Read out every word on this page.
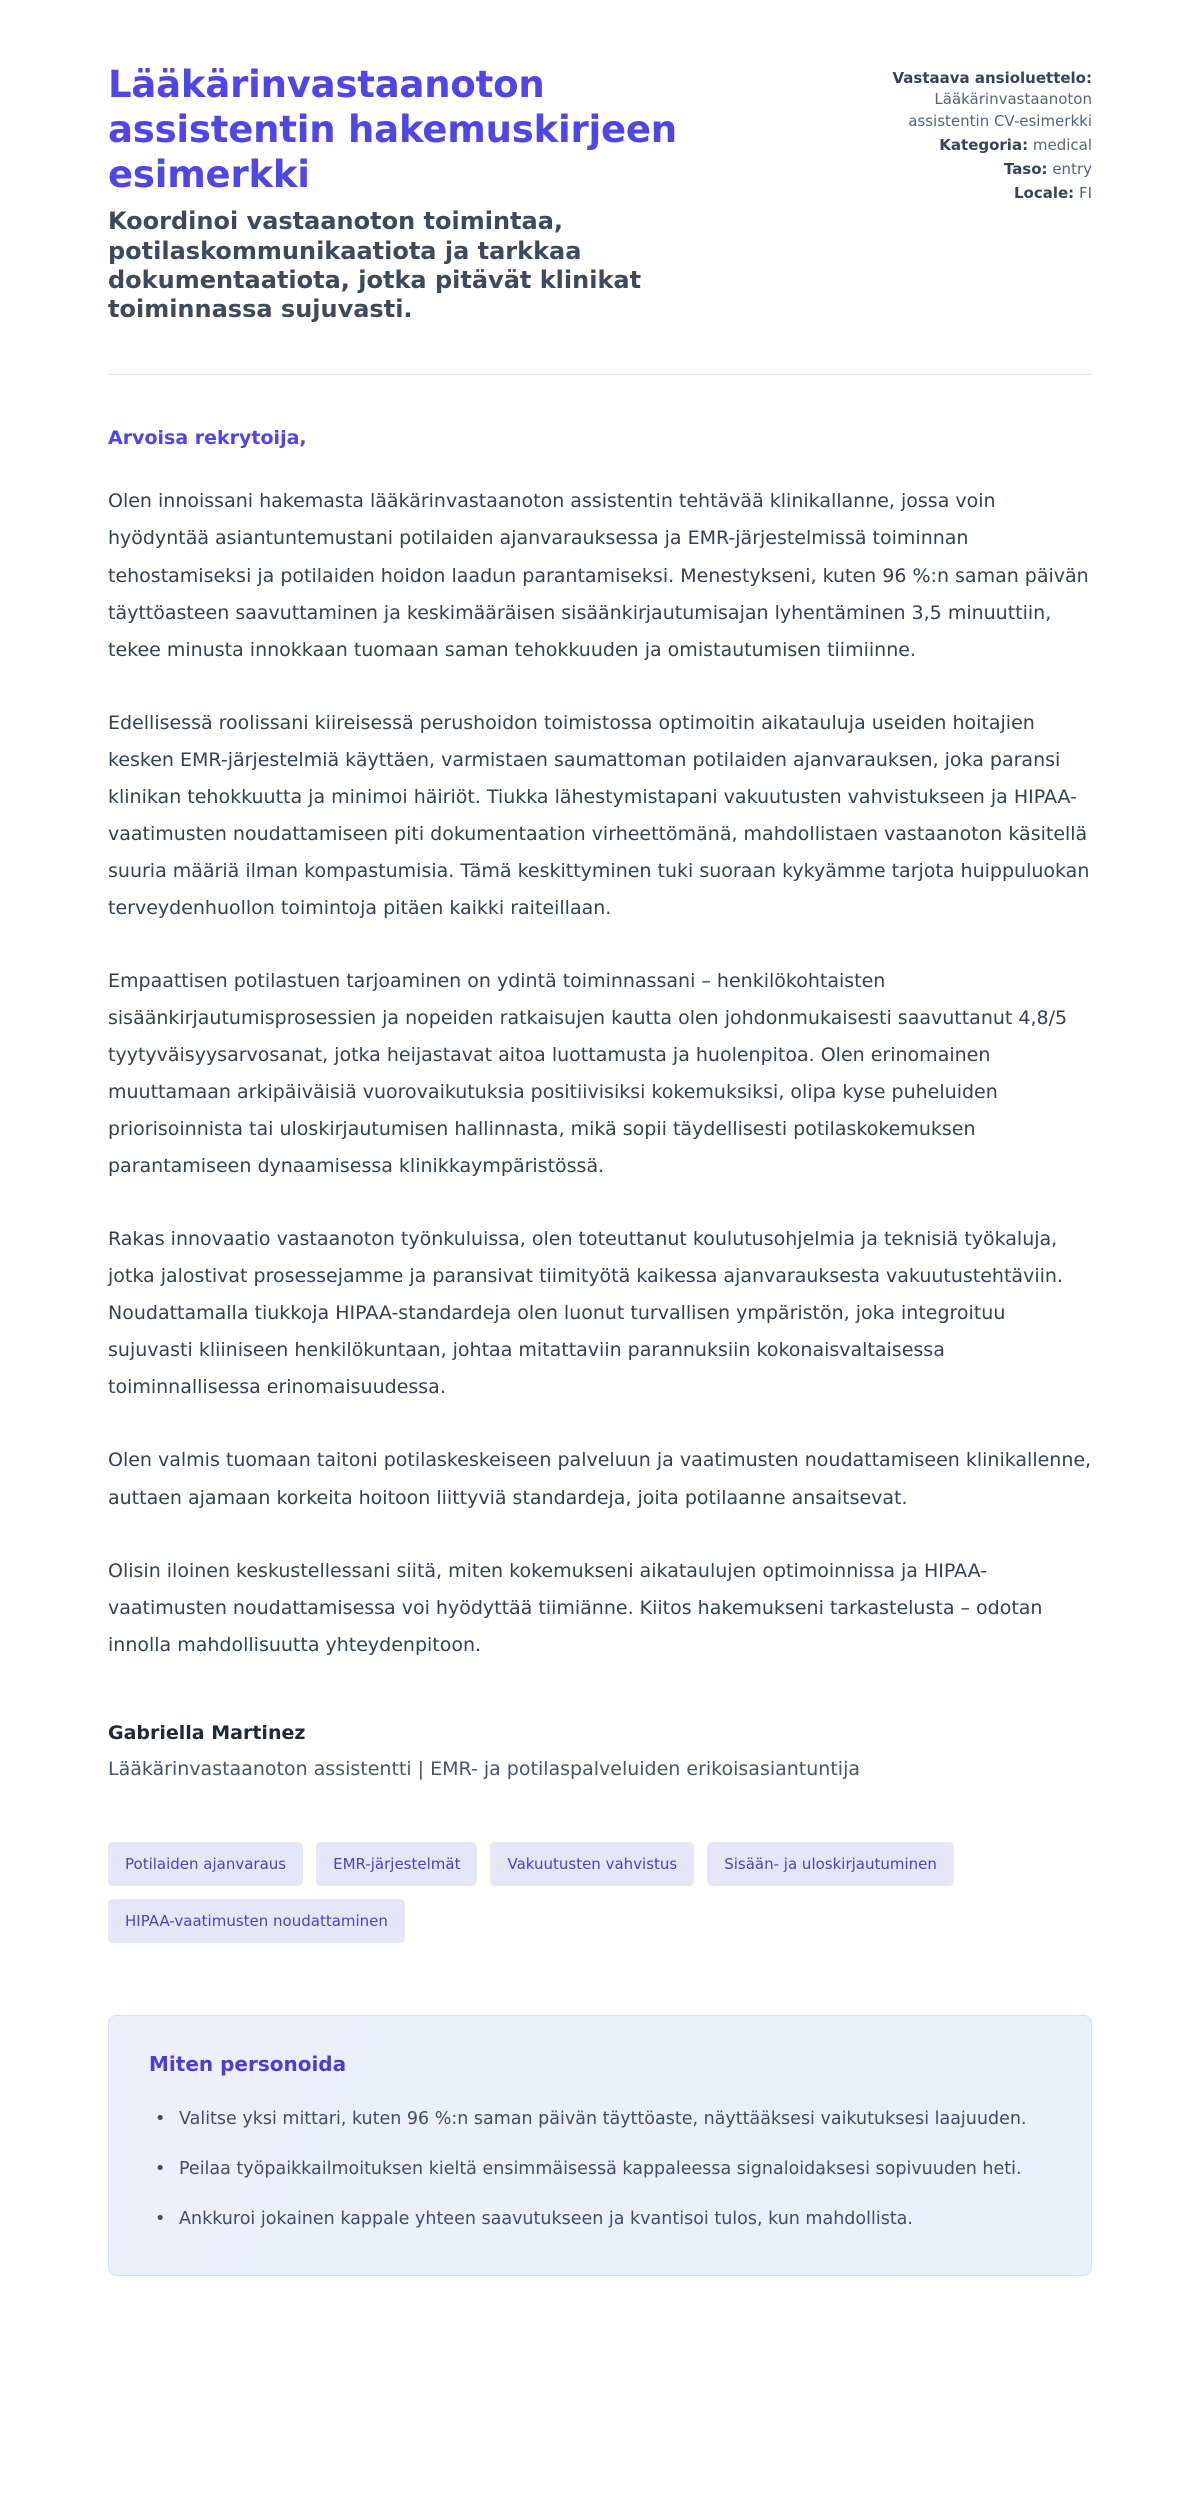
Lääkärinvastaanoton assistentin hakemuskirjeen esimerkki

Koordinoi vastaanoton toimintaa, potilaskommunikaatiota ja tarkkaa dokumentaatiota, jotka pitävät klinikat toiminnassa sujuvasti.

Vastaava ansioluettelo:
Lääkärinvastaanoton assistentin CV-esimerkki
Kategoria: medical
Taso: entry
Locale: FI

Arvoisa rekrytoija,

Olen innoissani hakemasta lääkärinvastaanoton assistentin tehtävää klinikallanne, jossa voin hyödyntää asiantuntemustani potilaiden ajanvarauksessa ja EMR-järjestelmissä toiminnan tehostamiseksi ja potilaiden hoidon laadun parantamiseksi. Menestykseni, kuten 96 %:n saman päivän täyttöasteen saavuttaminen ja keskimääräisen sisäänkirjautumisajan lyhentäminen 3,5 minuuttiin, tekee minusta innokkaan tuomaan saman tehokkuuden ja omistautumisen tiimiinne.

Edellisessä roolissani kiireisessä perushoidon toimistossa optimoitin aikatauluja useiden hoitajien kesken EMR-järjestelmiä käyttäen, varmistaen saumattoman potilaiden ajanvarauksen, joka paransi klinikan tehokkuutta ja minimoi häiriöt. Tiukka lähestymistapani vakuutusten vahvistukseen ja HIPAA-vaatimusten noudattamiseen piti dokumentaation virheettömänä, mahdollistaen vastaanoton käsitellä suuria määriä ilman kompastumisia. Tämä keskittyminen tuki suoraan kykyämme tarjota huippuluokan terveydenhuollon toimintoja pitäen kaikki raiteillaan.

Empaattisen potilastuen tarjoaminen on ydintä toiminnassani – henkilökohtaisten sisäänkirjautumisprosessien ja nopeiden ratkaisujen kautta olen johdonmukaisesti saavuttanut 4,8/5 tyytyväisyysarvosanat, jotka heijastavat aitoa luottamusta ja huolenpitoa. Olen erinomainen muuttamaan arkipäiväisiä vuorovaikutuksia positiivisiksi kokemuksiksi, olipa kyse puheluiden priorisoinnista tai uloskirjautumisen hallinnasta, mikä sopii täydellisesti potilaskokemuksen parantamiseen dynaamisessa klinikkaympäristössä.

Rakas innovaatio vastaanoton työnkuluissa, olen toteuttanut koulutusohjelmia ja teknisiä työkaluja, jotka jalostivat prosessejamme ja paransivat tiimityötä kaikessa ajanvarauksesta vakuutustehtäviin. Noudattamalla tiukkoja HIPAA-standardeja olen luonut turvallisen ympäristön, joka integroituu sujuvasti kliiniseen henkilökuntaan, johtaa mitattaviin parannuksiin kokonaisvaltaisessa toiminnallisessa erinomaisuudessa.

Olen valmis tuomaan taitoni potilaskeskeiseen palveluun ja vaatimusten noudattamiseen klinikallenne, auttaen ajamaan korkeita hoitoon liittyviä standardeja, joita potilaanne ansaitsevat.

Olisin iloinen keskustellessani siitä, miten kokemukseni aikataulujen optimoinnissa ja HIPAA-vaatimusten noudattamisessa voi hyödyttää tiimiänne. Kiitos hakemukseni tarkastelusta – odotan innolla mahdollisuutta yhteydenpitoon.

Gabriella Martinez
Lääkärinvastaanoton assistentti | EMR- ja potilaspalveluiden erikoisasiantuntija
Potilaiden ajanvaraus	EMR-järjestelmät	Vakuutusten vahvistus	Sisään- ja uloskirjautuminen
HIPAA-vaatimusten noudattaminen
Miten personoida
• Valitse yksi mittari, kuten 96 %:n saman päivän täyttöaste, näyttääksesi vaikutuksesi laajuuden.
• Peilaa työpaikkailmoituksen kieltä ensimmäisessä kappaleessa signaloidaksesi sopivuuden heti.
• Ankkuroi jokainen kappale yhteen saavutukseen ja kvantisoi tulos, kun mahdollista.
